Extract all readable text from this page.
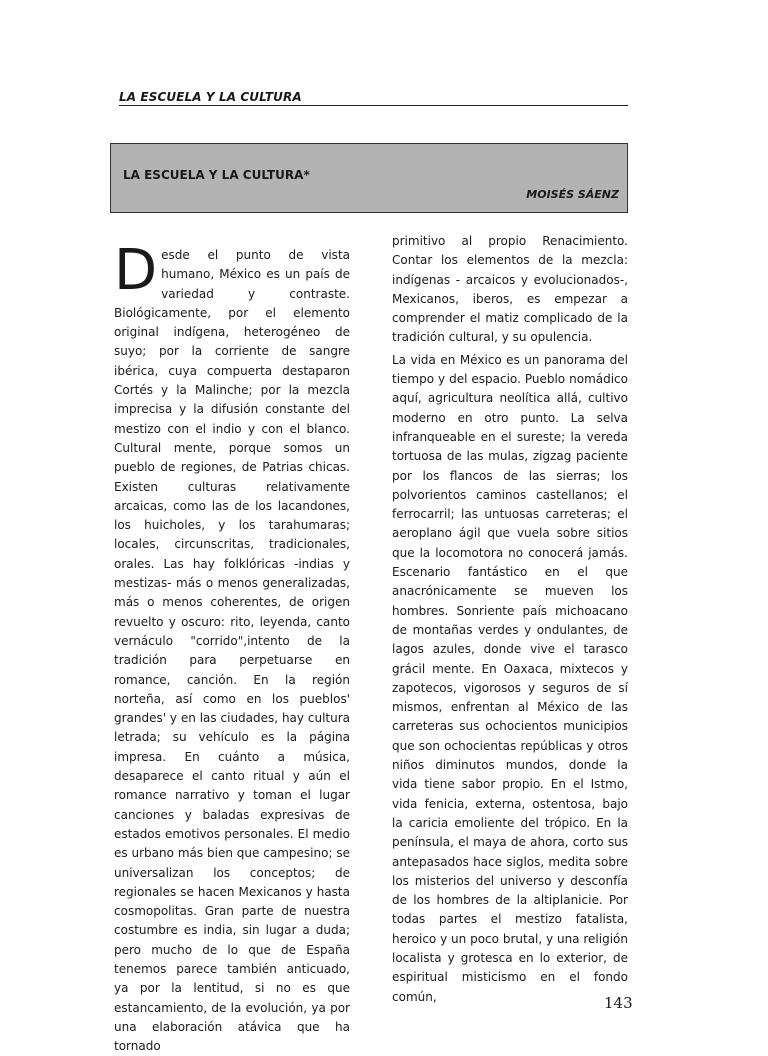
LA ESCUELA Y LA CULTURA
LA ESCUELA Y LA CULTURA*
MOISÉS SÁENZ

Desde el punto de vista humano, México es un país de variedad y contraste. Biológicamente, por el elemento original indígena, heterogéneo de suyo; por la corriente de sangre ibérica, cuya compuerta destaparon Cortés y la Malinche; por la mezcla imprecisa y la difusión constante del mestizo con el indio y con el blanco. Cultural mente, porque somos un pueblo de regiones, de Patrias chicas. Existen culturas relativamente arcaicas, como las de los lacandones, los huicholes, y los tarahumaras; locales, circunscritas, tradicionales, orales. Las hay folklóricas -indias y mestizas- más o menos generalizadas, más o menos coherentes, de origen revuelto y oscuro: rito, leyenda, canto vernáculo "corrido",intento de la tradición para perpetuarse en romance, canción. En la región norteña, así como en los pueblos' grandes' y en las ciudades, hay cultura letrada; su vehículo es la página impresa. En cuánto a música, desaparece el canto ritual y aún el romance narrativo y toman el lugar canciones y baladas expresivas de estados emotivos personales. El medio es urbano más bien que campesino; se universalizan los conceptos; de regionales se hacen Mexicanos y hasta cosmopolitas. Gran parte de nuestra costumbre es india, sin lugar a duda; pero mucho de lo que de España tenemos parece también anticuado, ya por la lentitud, si no es que estancamiento, de la evolución, ya por una elaboración atávica que ha tornado

primitivo al propio Renacimiento. Contar los elementos de la mezcla: indígenas - arcaicos y evolucionados-, Mexicanos, iberos, es empezar a comprender el matiz complicado de la tradición cultural, y su opulencia.

La vida en México es un panorama del tiempo y del espacio. Pueblo nomádico aquí, agricultura neolítica allá, cultivo moderno en otro punto. La selva infranqueable en el sureste; la vereda tortuosa de las mulas, zigzag paciente por los flancos de las sierras; los polvorientos caminos castellanos; el ferrocarril; las untuosas carreteras; el aeroplano ágil que vuela sobre sitios que la locomotora no conocerá jamás. Escenario fantástico en el que anacrónicamente se mueven los hombres. Sonriente país michoacano de montañas verdes y ondulantes, de lagos azules, donde vive el tarasco grácil mente. En Oaxaca, mixtecos y zapotecos, vigorosos y seguros de sí mismos, enfrentan al México de las carreteras sus ochocientos municipios que son ochocientas repúblicas y otros niños diminutos mundos, donde la vida tiene sabor propio. En el Istmo, vida fenicia, externa, ostentosa, bajo la caricia emoliente del trópico. En la península, el maya de ahora, corto sus antepasados hace siglos, medita sobre los misterios del universo y desconfía de los hombres de la altiplanicie. Por todas partes el mestizo fatalista, heroico y un poco brutal, y una religión localista y grotesca en lo exterior, de espiritual misticismo en el fondo común,	143
